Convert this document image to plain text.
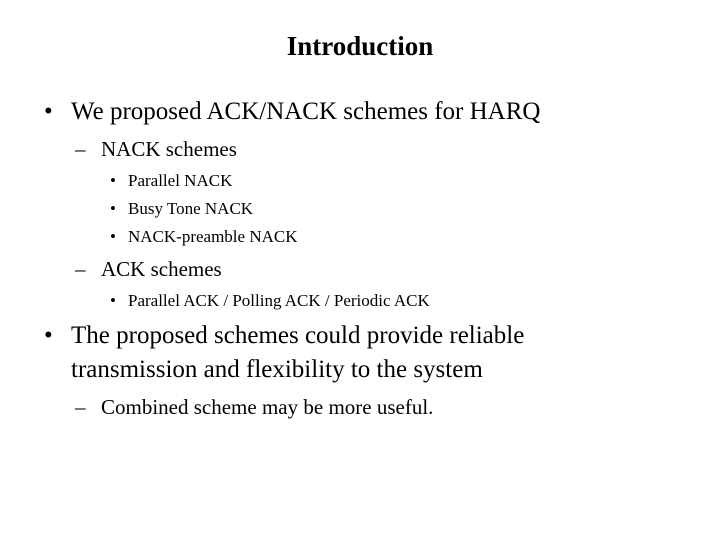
Introduction
• We proposed ACK/NACK schemes for HARQ
– NACK schemes
• Parallel NACK
• Busy Tone NACK
• NACK-preamble NACK
– ACK schemes
• Parallel ACK / Polling ACK / Periodic ACK
• The proposed schemes could provide reliable
transmission and flexibility to the system
– Combined scheme may be more useful.
